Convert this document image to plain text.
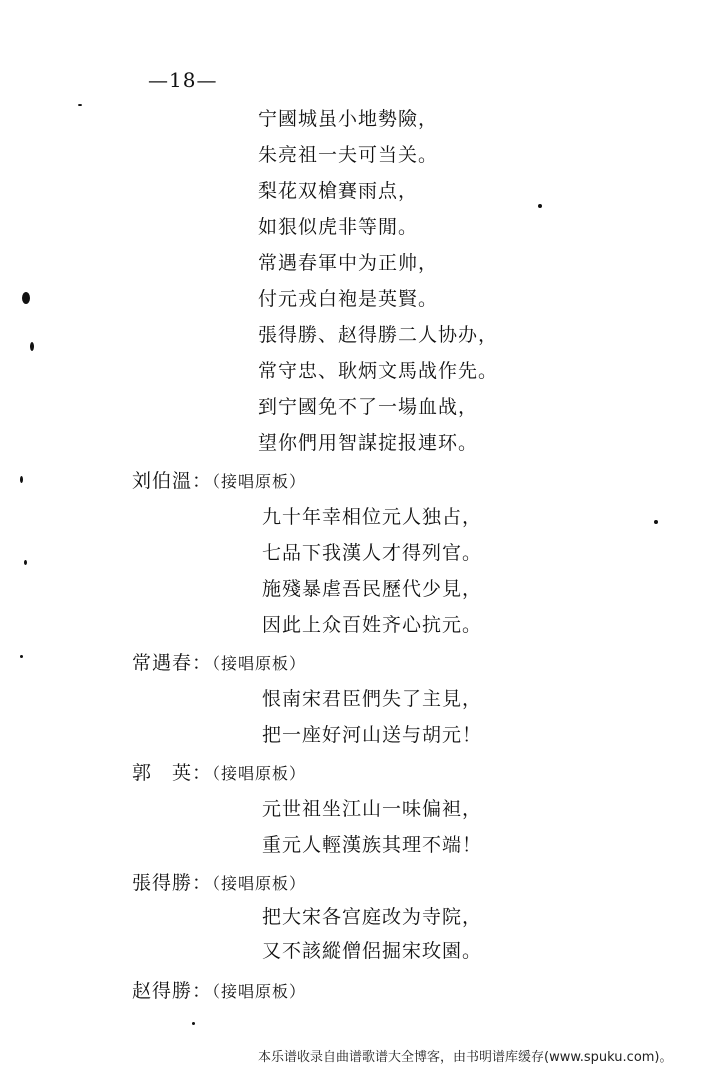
—18—
宁國城虽小地勢險，
朱亮祖一夫可当关。
梨花双槍賽雨点，
如狠似虎非等閒。
常遇春軍中为正帅，
付元戎白袍是英賢。
張得勝、赵得勝二人协办，
常守忠、耿炳文馬战作先。
到宁國免不了一場血战，
望你們用智謀掟报連环。
刘伯溫：（接唱原板）
九十年幸相位元人独占，
七品下我漢人才得列官。
施殘暴虐吾民歷代少見，
因此上众百姓齐心抗元。
常遇春：（接唱原板）
恨南宋君臣們失了主見，
把一座好河山送与胡元！
郭　英：（接唱原板）
元世祖坐江山一味偏袒，
重元人輕漢族其理不端！
張得勝：（接唱原板）
把大宋各宫庭改为寺院，
又不該縱僧侶掘宋玫園。
赵得勝：（接唱原板）
本乐谱收录自曲谱歌谱大全博客，由书明谱库缓存(www.spuku.com)。
